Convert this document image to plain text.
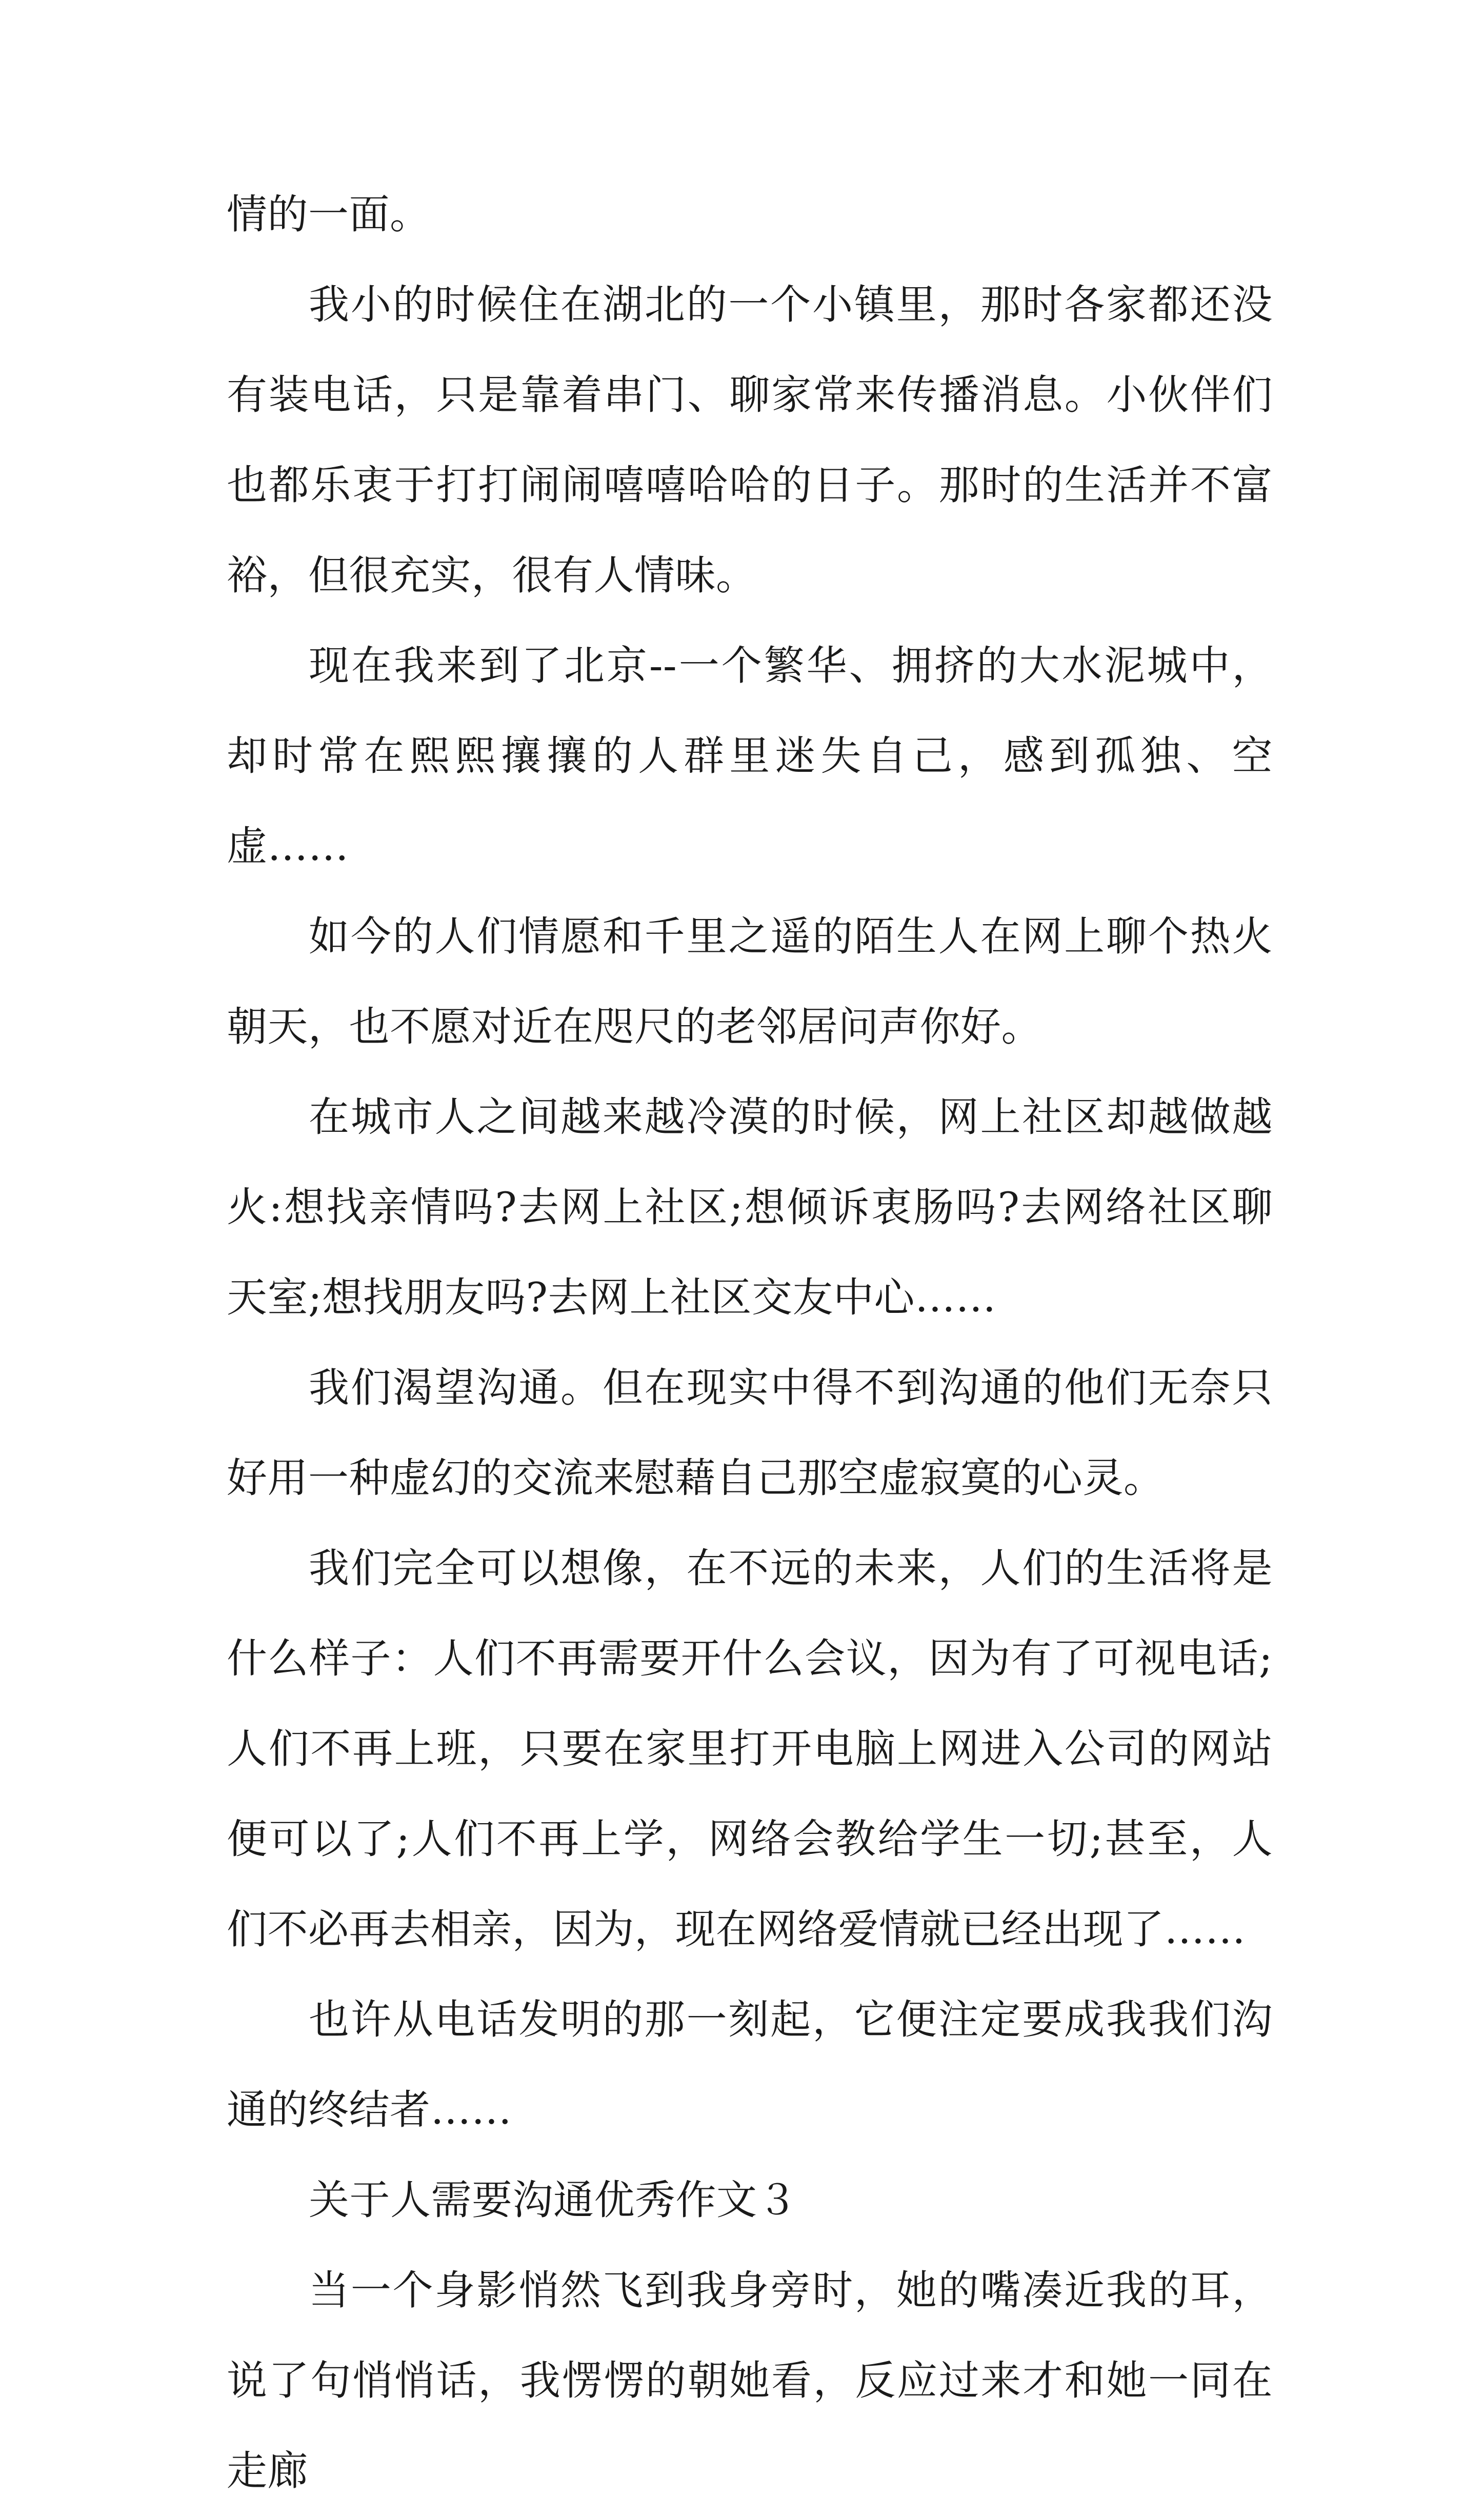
情的一面。

我小的时候住在湖北的一个小镇里，那时各家都还没有装电话，只是靠着串门、聊家常来传播消息。小伙伴们也都乐衷于打打闹闹嘻嘻哈哈的日子。那时的生活并不富裕，但很充实，很有人情味。

现在我来到了北京--一个繁华、拥挤的大水泥城中，却时常在熙熙攘攘的人群里迷失自己，感到孤独、空虚……

如今的人们情愿和千里之遥的陌生人在网上聊个热火朝天，也不愿对近在咫尺的老邻居问声你好。

在城市人之间越来越冷漠的时候，网上社区却越做越火:想找亲情吗?去网上社区;想倾诉衷肠吗?去网络社区聊天室;想找朋友吗?去网上社区交友中心……

我们渴望沟通。但在现实中得不到沟通的他们无奈只好用一种虚幻的交流来慰藉自己那空虚寂寞的心灵。

我们完全可以想像，在不远的未来，人们的生活将是什么样子：人们不再需要开什么会议，因为有了可视电话;人们不再上班，只要在家里打开电脑上网进入公司的网站便可以了;人们不再上学，网络会教给学生一切;甚至，人们不必再去相亲，因为，现在网络爱情就已经出现了……

也许从电话发明的那一刻起，它便注定要成我我们沟通的终结者……

关于人需要沟通优秀作文３

当一个身影悄然飞到我身旁时，她的嘴凑近我的耳，说了句悄悄话，我愣愣的朝她看，反应过来才和她一同在走廊
